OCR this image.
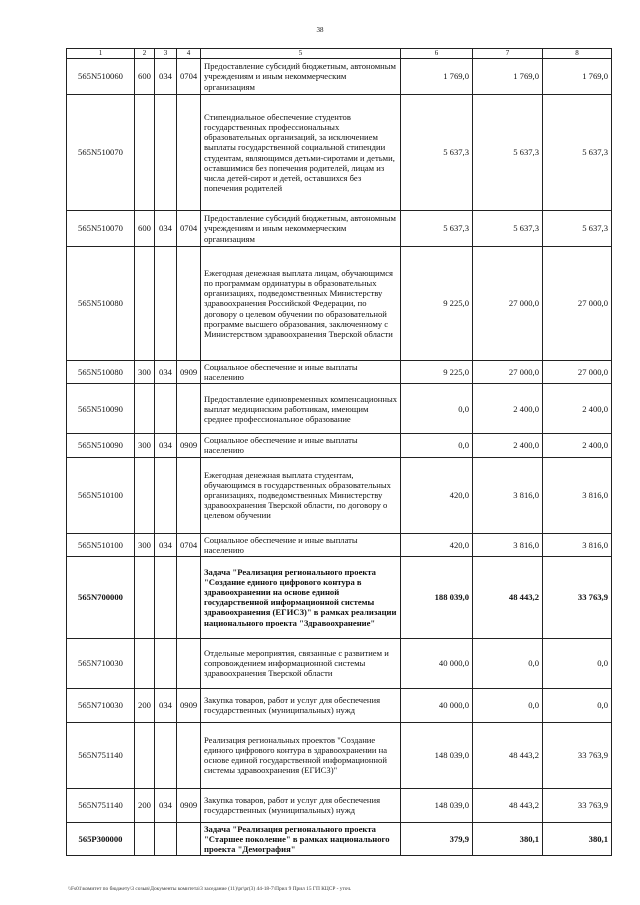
38
1	2	3	4	5	6	7	8
565N510060	600	034	0704	Предоставление субсидий бюджетным, автономным учреждениям и иным некоммерческим организациям	1 769,0	1 769,0	1 769,0
565N510070				Стипендиальное обеспечение студентов государственных профессиональных образовательных организаций, за исключением выплаты государственной социальной стипендии студентам, являющимся детьми-сиротами и детьми, оставшимися без попечения родителей, лицам из числа детей-сирот и детей, оставшихся без попечения родителей	5 637,3	5 637,3	5 637,3
565N510070	600	034	0704	Предоставление субсидий бюджетным, автономным учреждениям и иным некоммерческим организациям	5 637,3	5 637,3	5 637,3
565N510080				Ежегодная денежная выплата лицам, обучающимся по программам ординатуры в образовательных организациях, подведомственных Министерству здравоохранения Российской Федерации, по договору о целевом обучении по образовательной программе высшего образования, заключенному с Министерством здравоохранения Тверской области	9 225,0	27 000,0	27 000,0
565N510080	300	034	0909	Социальное обеспечение и иные выплаты населению	9 225,0	27 000,0	27 000,0
565N510090				Предоставление единовременных компенсационных выплат медицинским работникам, имеющим среднее профессиональное образование	0,0	2 400,0	2 400,0
565N510090	300	034	0909	Социальное обеспечение и иные выплаты населению	0,0	2 400,0	2 400,0
565N510100				Ежегодная денежная выплата студентам, обучающимся в государственных образовательных организациях, подведомственных Министерству здравоохранения Тверской области, по договору о целевом обучении	420,0	3 816,0	3 816,0
565N510100	300	034	0704	Социальное обеспечение и иные выплаты населению	420,0	3 816,0	3 816,0
565N700000				Задача "Реализация регионального проекта "Создание единого цифрового контура в здравоохранении на основе единой государственной информационной системы здравоохранения (ЕГИСЗ)" в рамках реализации национального проекта "Здравоохранение"	188 039,0	48 443,2	33 763,9
565N710030				Отдельные мероприятия, связанные с развитием и сопровождением информационной системы здравоохранения Тверской области	40 000,0	0,0	0,0
565N710030	200	034	0909	Закупка товаров, работ и услуг для обеспечения государственных (муниципальных) нужд	40 000,0	0,0	0,0
565N751140				Реализация региональных проектов "Создание единого цифрового контура в здравоохранении на основе единой государственной информационной системы здравоохранения (ЕГИСЗ)"	148 039,0	48 443,2	33 763,9
565N751140	200	034	0909	Закупка товаров, работ и услуг для обеспечения государственных (муниципальных) нужд	148 039,0	48 443,2	33 763,9
565P300000				Задача "Реализация регионального проекта "Старшее поколение" в рамках национального проекта "Демография"	379,9	380,1	380,1
\\Fs01\комитет по бюджету\3 созыв\Документы комитета\3 заседание (11)\pr\pr(3) 44-18-7\Прил 9 Прил 15 ГП КЦСР - уточ.
